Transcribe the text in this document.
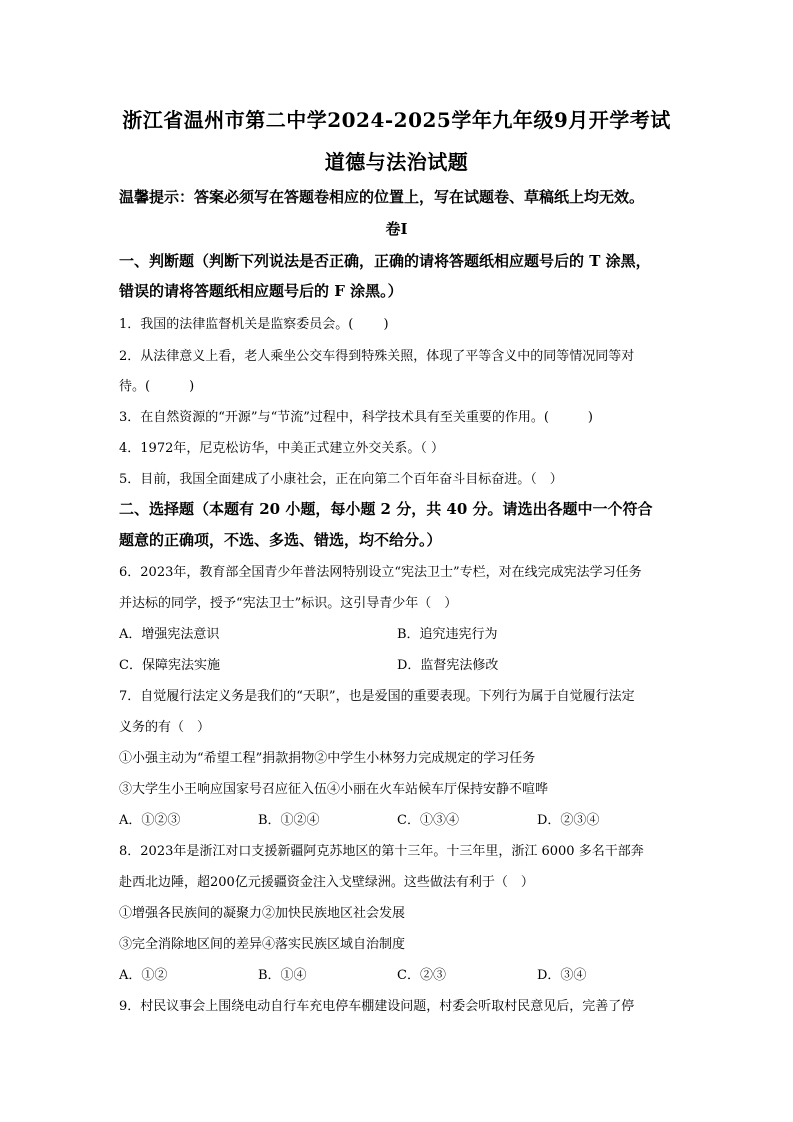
浙江省温州市第二中学2024-2025学年九年级9月开学考试
道德与法治试题
温馨提示：答案必须写在答题卷相应的位置上，写在试题卷、草稿纸上均无效。
卷I
一、判断题（判断下列说法是否正确，正确的请将答题纸相应题号后的 T 涂黑，
错误的请将答题纸相应题号后的 F 涂黑。）
1．我国的法律监督机关是监察委员会。(　　 )
2．从法律意义上看，老人乘坐公交车得到特殊关照，体现了平等含义中的同等情况同等对
待。(　　　)
3．在自然资源的“开源”与“节流”过程中，科学技术具有至关重要的作用。(　　　)
4．1972年，尼克松访华，中美正式建立外交关系。（ ）
5．目前，我国全面建成了小康社会，正在向第二个百年奋斗目标奋进。（　）
二、选择题（本题有 20 小题，每小题 2 分，共 40 分。请选出各题中一个符合
题意的正确项，不选、多选、错选，均不给分。）
6．2023年，教育部全国青少年普法网特别设立“宪法卫士”专栏，对在线完成宪法学习任务
并达标的同学，授予“宪法卫士”标识。这引导青少年（　）
A．增强宪法意识	B．追究违宪行为
C．保障宪法实施	D．监督宪法修改
7．自觉履行法定义务是我们的“天职”，也是爱国的重要表现。下列行为属于自觉履行法定
义务的有（　）
①小强主动为“希望工程”捐款捐物②中学生小林努力完成规定的学习任务
③大学生小王响应国家号召应征入伍④小丽在火车站候车厅保持安静不喧哗
A．①②③	B．①②④	C．①③④	D．②③④
8．2023年是浙江对口支援新疆阿克苏地区的第十三年。十三年里，浙江 6000 多名干部奔
赴西北边陲，超200亿元援疆资金注入戈壁绿洲。这些做法有利于（　）
①增强各民族间的凝聚力②加快民族地区社会发展
③完全消除地区间的差异④落实民族区域自治制度
A．①②	B．①④	C．②③	D．③④
9．村民议事会上围绕电动自行车充电停车棚建设问题，村委会听取村民意见后，完善了停
